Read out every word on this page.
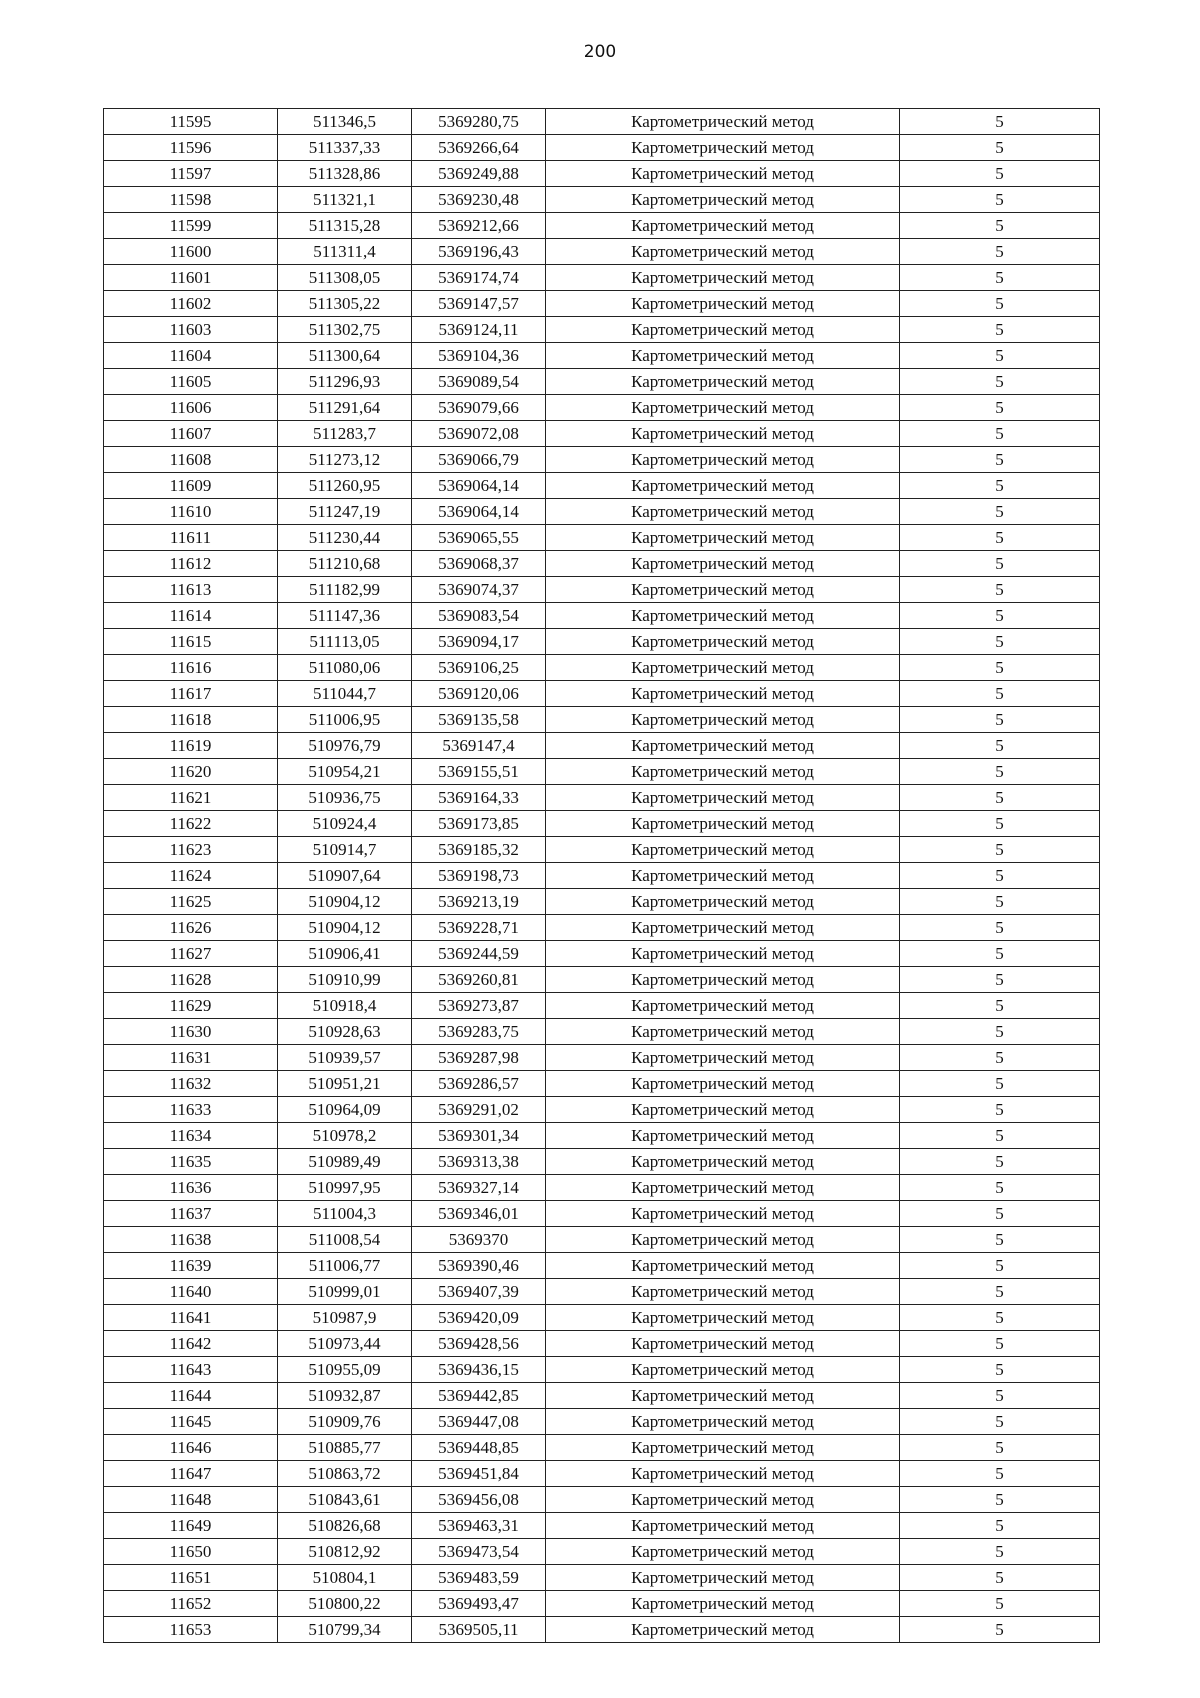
200
11595	511346,5	5369280,75	Картометрический метод	5
11596	511337,33	5369266,64	Картометрический метод	5
11597	511328,86	5369249,88	Картометрический метод	5
11598	511321,1	5369230,48	Картометрический метод	5
11599	511315,28	5369212,66	Картометрический метод	5
11600	511311,4	5369196,43	Картометрический метод	5
11601	511308,05	5369174,74	Картометрический метод	5
11602	511305,22	5369147,57	Картометрический метод	5
11603	511302,75	5369124,11	Картометрический метод	5
11604	511300,64	5369104,36	Картометрический метод	5
11605	511296,93	5369089,54	Картометрический метод	5
11606	511291,64	5369079,66	Картометрический метод	5
11607	511283,7	5369072,08	Картометрический метод	5
11608	511273,12	5369066,79	Картометрический метод	5
11609	511260,95	5369064,14	Картометрический метод	5
11610	511247,19	5369064,14	Картометрический метод	5
11611	511230,44	5369065,55	Картометрический метод	5
11612	511210,68	5369068,37	Картометрический метод	5
11613	511182,99	5369074,37	Картометрический метод	5
11614	511147,36	5369083,54	Картометрический метод	5
11615	511113,05	5369094,17	Картометрический метод	5
11616	511080,06	5369106,25	Картометрический метод	5
11617	511044,7	5369120,06	Картометрический метод	5
11618	511006,95	5369135,58	Картометрический метод	5
11619	510976,79	5369147,4	Картометрический метод	5
11620	510954,21	5369155,51	Картометрический метод	5
11621	510936,75	5369164,33	Картометрический метод	5
11622	510924,4	5369173,85	Картометрический метод	5
11623	510914,7	5369185,32	Картометрический метод	5
11624	510907,64	5369198,73	Картометрический метод	5
11625	510904,12	5369213,19	Картометрический метод	5
11626	510904,12	5369228,71	Картометрический метод	5
11627	510906,41	5369244,59	Картометрический метод	5
11628	510910,99	5369260,81	Картометрический метод	5
11629	510918,4	5369273,87	Картометрический метод	5
11630	510928,63	5369283,75	Картометрический метод	5
11631	510939,57	5369287,98	Картометрический метод	5
11632	510951,21	5369286,57	Картометрический метод	5
11633	510964,09	5369291,02	Картометрический метод	5
11634	510978,2	5369301,34	Картометрический метод	5
11635	510989,49	5369313,38	Картометрический метод	5
11636	510997,95	5369327,14	Картометрический метод	5
11637	511004,3	5369346,01	Картометрический метод	5
11638	511008,54	5369370	Картометрический метод	5
11639	511006,77	5369390,46	Картометрический метод	5
11640	510999,01	5369407,39	Картометрический метод	5
11641	510987,9	5369420,09	Картометрический метод	5
11642	510973,44	5369428,56	Картометрический метод	5
11643	510955,09	5369436,15	Картометрический метод	5
11644	510932,87	5369442,85	Картометрический метод	5
11645	510909,76	5369447,08	Картометрический метод	5
11646	510885,77	5369448,85	Картометрический метод	5
11647	510863,72	5369451,84	Картометрический метод	5
11648	510843,61	5369456,08	Картометрический метод	5
11649	510826,68	5369463,31	Картометрический метод	5
11650	510812,92	5369473,54	Картометрический метод	5
11651	510804,1	5369483,59	Картометрический метод	5
11652	510800,22	5369493,47	Картометрический метод	5
11653	510799,34	5369505,11	Картометрический метод	5
